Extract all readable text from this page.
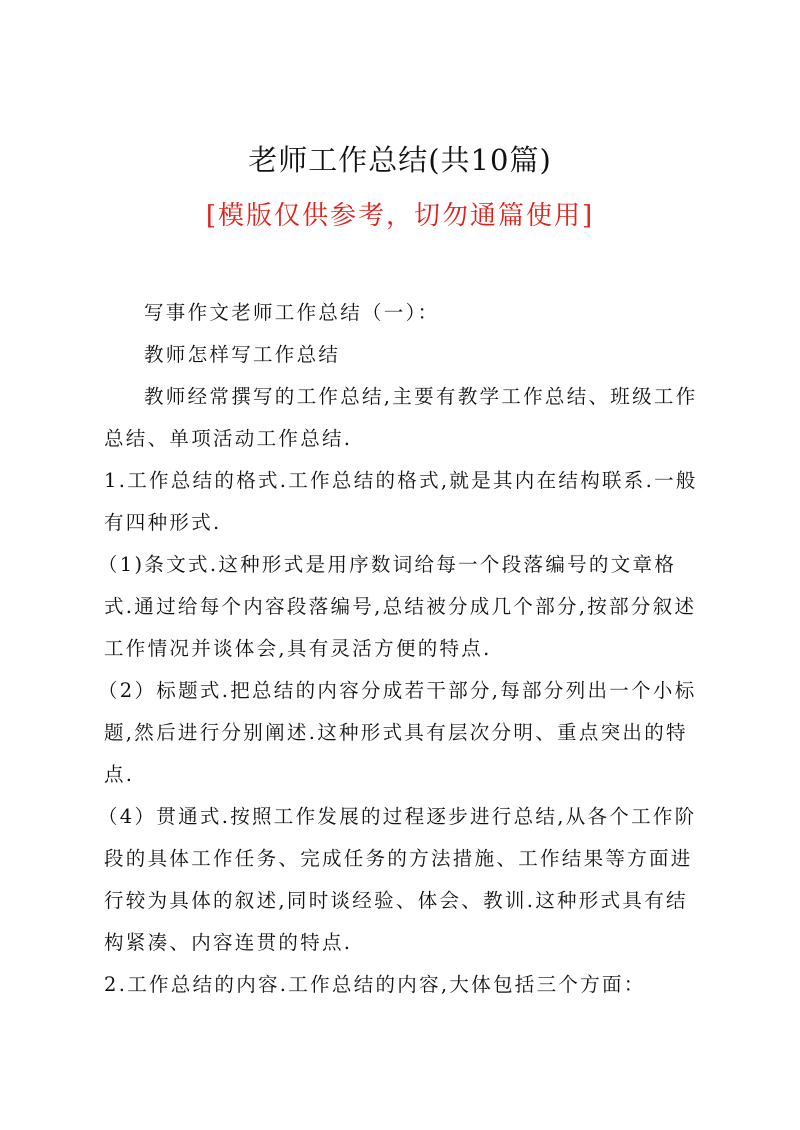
老师工作总结(共10篇)
[模版仅供参考，切勿通篇使用]

写事作文老师工作总结（一）：

教师怎样写工作总结

教师经常撰写的工作总结,主要有教学工作总结、班级工作总结、单项活动工作总结.

1.工作总结的格式.工作总结的格式,就是其内在结构联系.一般有四种形式.

（1)条文式.这种形式是用序数词给每一个段落编号的文章格式.通过给每个内容段落编号,总结被分成几个部分,按部分叙述工作情况并谈体会,具有灵活方便的特点.

（2）标题式.把总结的内容分成若干部分,每部分列出一个小标题,然后进行分别阐述.这种形式具有层次分明、重点突出的特点.

（4）贯通式.按照工作发展的过程逐步进行总结,从各个工作阶段的具体工作任务、完成任务的方法措施、工作结果等方面进行较为具体的叙述,同时谈经验、体会、教训.这种形式具有结构紧凑、内容连贯的特点.

2.工作总结的内容.工作总结的内容,大体包括三个方面：
